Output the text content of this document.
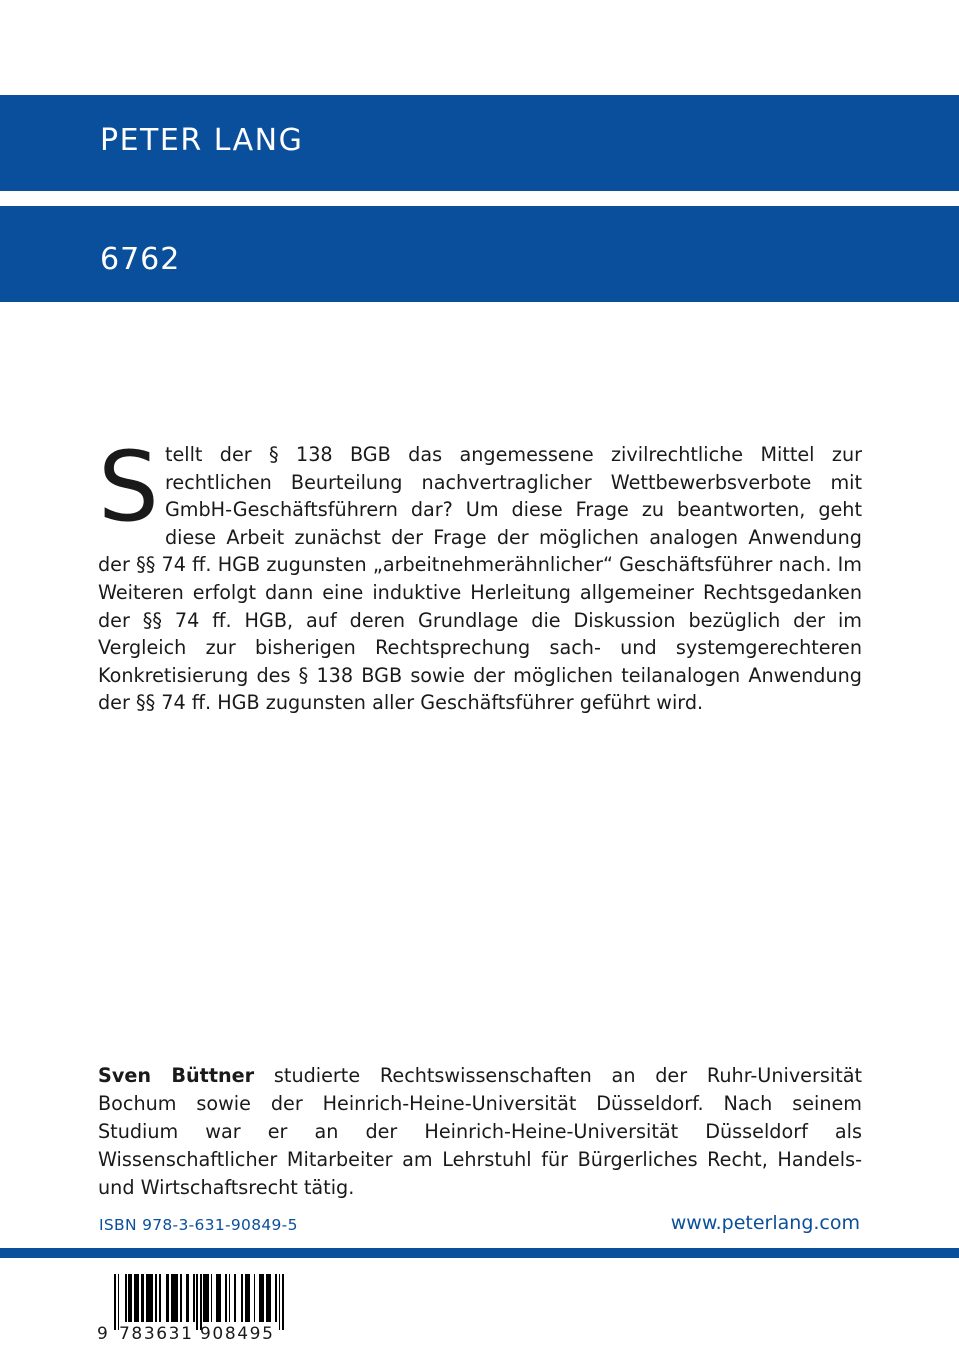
PETER LANG
6762
Stellt der § 138 BGB das angemessene zivilrechtliche Mittel zur rechtlichen Beurteilung nachvertraglicher Wettbewerbsverbote mit GmbH-Geschäftsführern dar? Um diese Frage zu beantworten, geht diese Arbeit zunächst der Frage der möglichen analogen Anwendung der §§ 74 ff. HGB zugunsten „arbeitnehmerähnlicher“ Geschäftsführer nach. Im Weiteren erfolgt dann eine induktive Herleitung allgemeiner Rechtsgedanken der §§ 74 ff. HGB, auf deren Grundlage die Diskussion bezüglich der im Vergleich zur bisherigen Rechtsprechung sach- und systemgerechteren Konkretisierung des § 138 BGB sowie der möglichen teilanalogen Anwendung der §§ 74 ff. HGB zugunsten aller Geschäftsführer geführt wird.
Sven Büttner studierte Rechtswissenschaften an der Ruhr-Universität Bochum sowie der Heinrich-Heine-Universität Düsseldorf. Nach seinem Studium war er an der Heinrich-Heine-Universität Düsseldorf als Wissenschaftlicher Mitarbeiter am Lehrstuhl für Bürgerliches Recht, Handels- und Wirtschaftsrecht tätig.
ISBN 978-3-631-90849-5	www.peterlang.com
9 783631 908495
